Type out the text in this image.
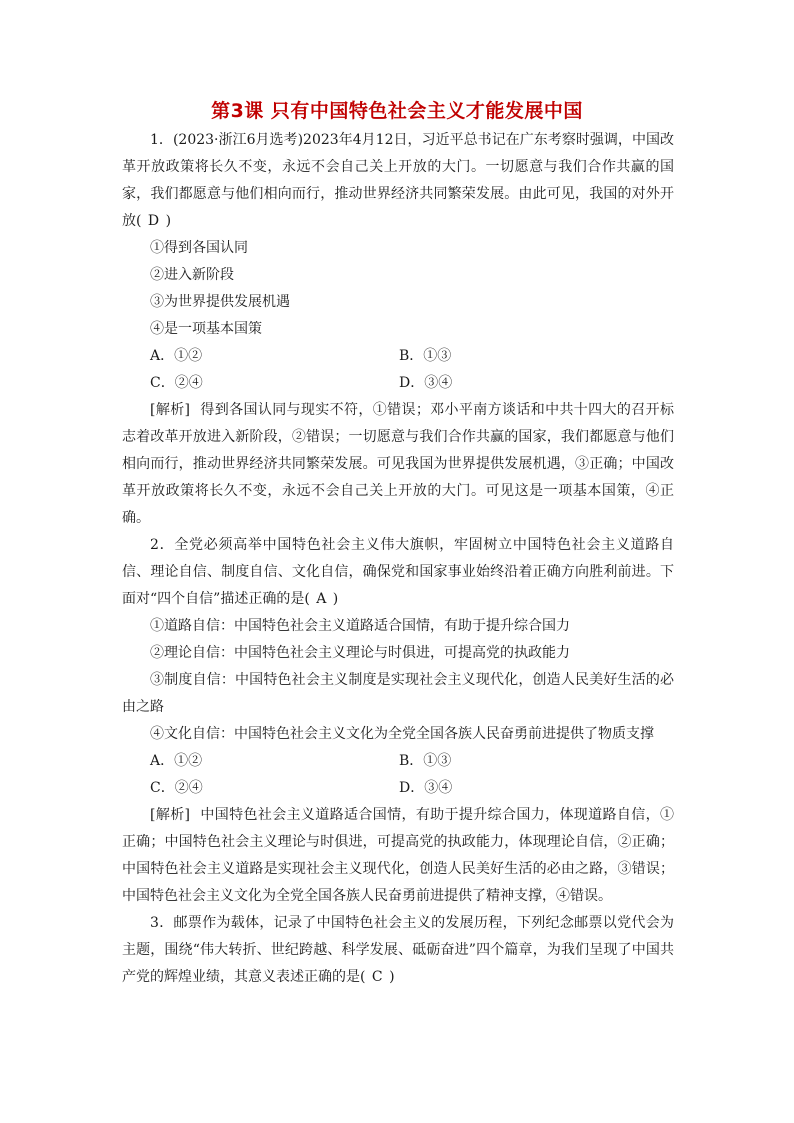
第3课 只有中国特色社会主义才能发展中国

1．(2023·浙江6月选考)2023年4月12日，习近平总书记在广东考察时强调，中国改革开放政策将长久不变，永远不会自己关上开放的大门。一切愿意与我们合作共赢的国家，我们都愿意与他们相向而行，推动世界经济共同繁荣发展。由此可见，我国的对外开放( D )

①得到各国认同

②进入新阶段

③为世界提供发展机遇

④是一项基本国策

A．①②	B．①③
C．②④	D．③④

[解析] 得到各国认同与现实不符，①错误；邓小平南方谈话和中共十四大的召开标志着改革开放进入新阶段，②错误；一切愿意与我们合作共赢的国家，我们都愿意与他们相向而行，推动世界经济共同繁荣发展。可见我国为世界提供发展机遇，③正确；中国改革开放政策将长久不变，永远不会自己关上开放的大门。可见这是一项基本国策，④正确。

2．全党必须高举中国特色社会主义伟大旗帜，牢固树立中国特色社会主义道路自信、理论自信、制度自信、文化自信，确保党和国家事业始终沿着正确方向胜利前进。下面对“四个自信”描述正确的是( A )

①道路自信：中国特色社会主义道路适合国情，有助于提升综合国力

②理论自信：中国特色社会主义理论与时俱进，可提高党的执政能力

③制度自信：中国特色社会主义制度是实现社会主义现代化，创造人民美好生活的必由之路

④文化自信：中国特色社会主义文化为全党全国各族人民奋勇前进提供了物质支撑

A．①②	B．①③
C．②④	D．③④

[解析] 中国特色社会主义道路适合国情，有助于提升综合国力，体现道路自信，①正确；中国特色社会主义理论与时俱进，可提高党的执政能力，体现理论自信，②正确；中国特色社会主义道路是实现社会主义现代化，创造人民美好生活的必由之路，③错误；中国特色社会主义文化为全党全国各族人民奋勇前进提供了精神支撑，④错误。

3．邮票作为载体，记录了中国特色社会主义的发展历程，下列纪念邮票以党代会为主题，围绕“伟大转折、世纪跨越、科学发展、砥砺奋进”四个篇章，为我们呈现了中国共产党的辉煌业绩，其意义表述正确的是( C )
